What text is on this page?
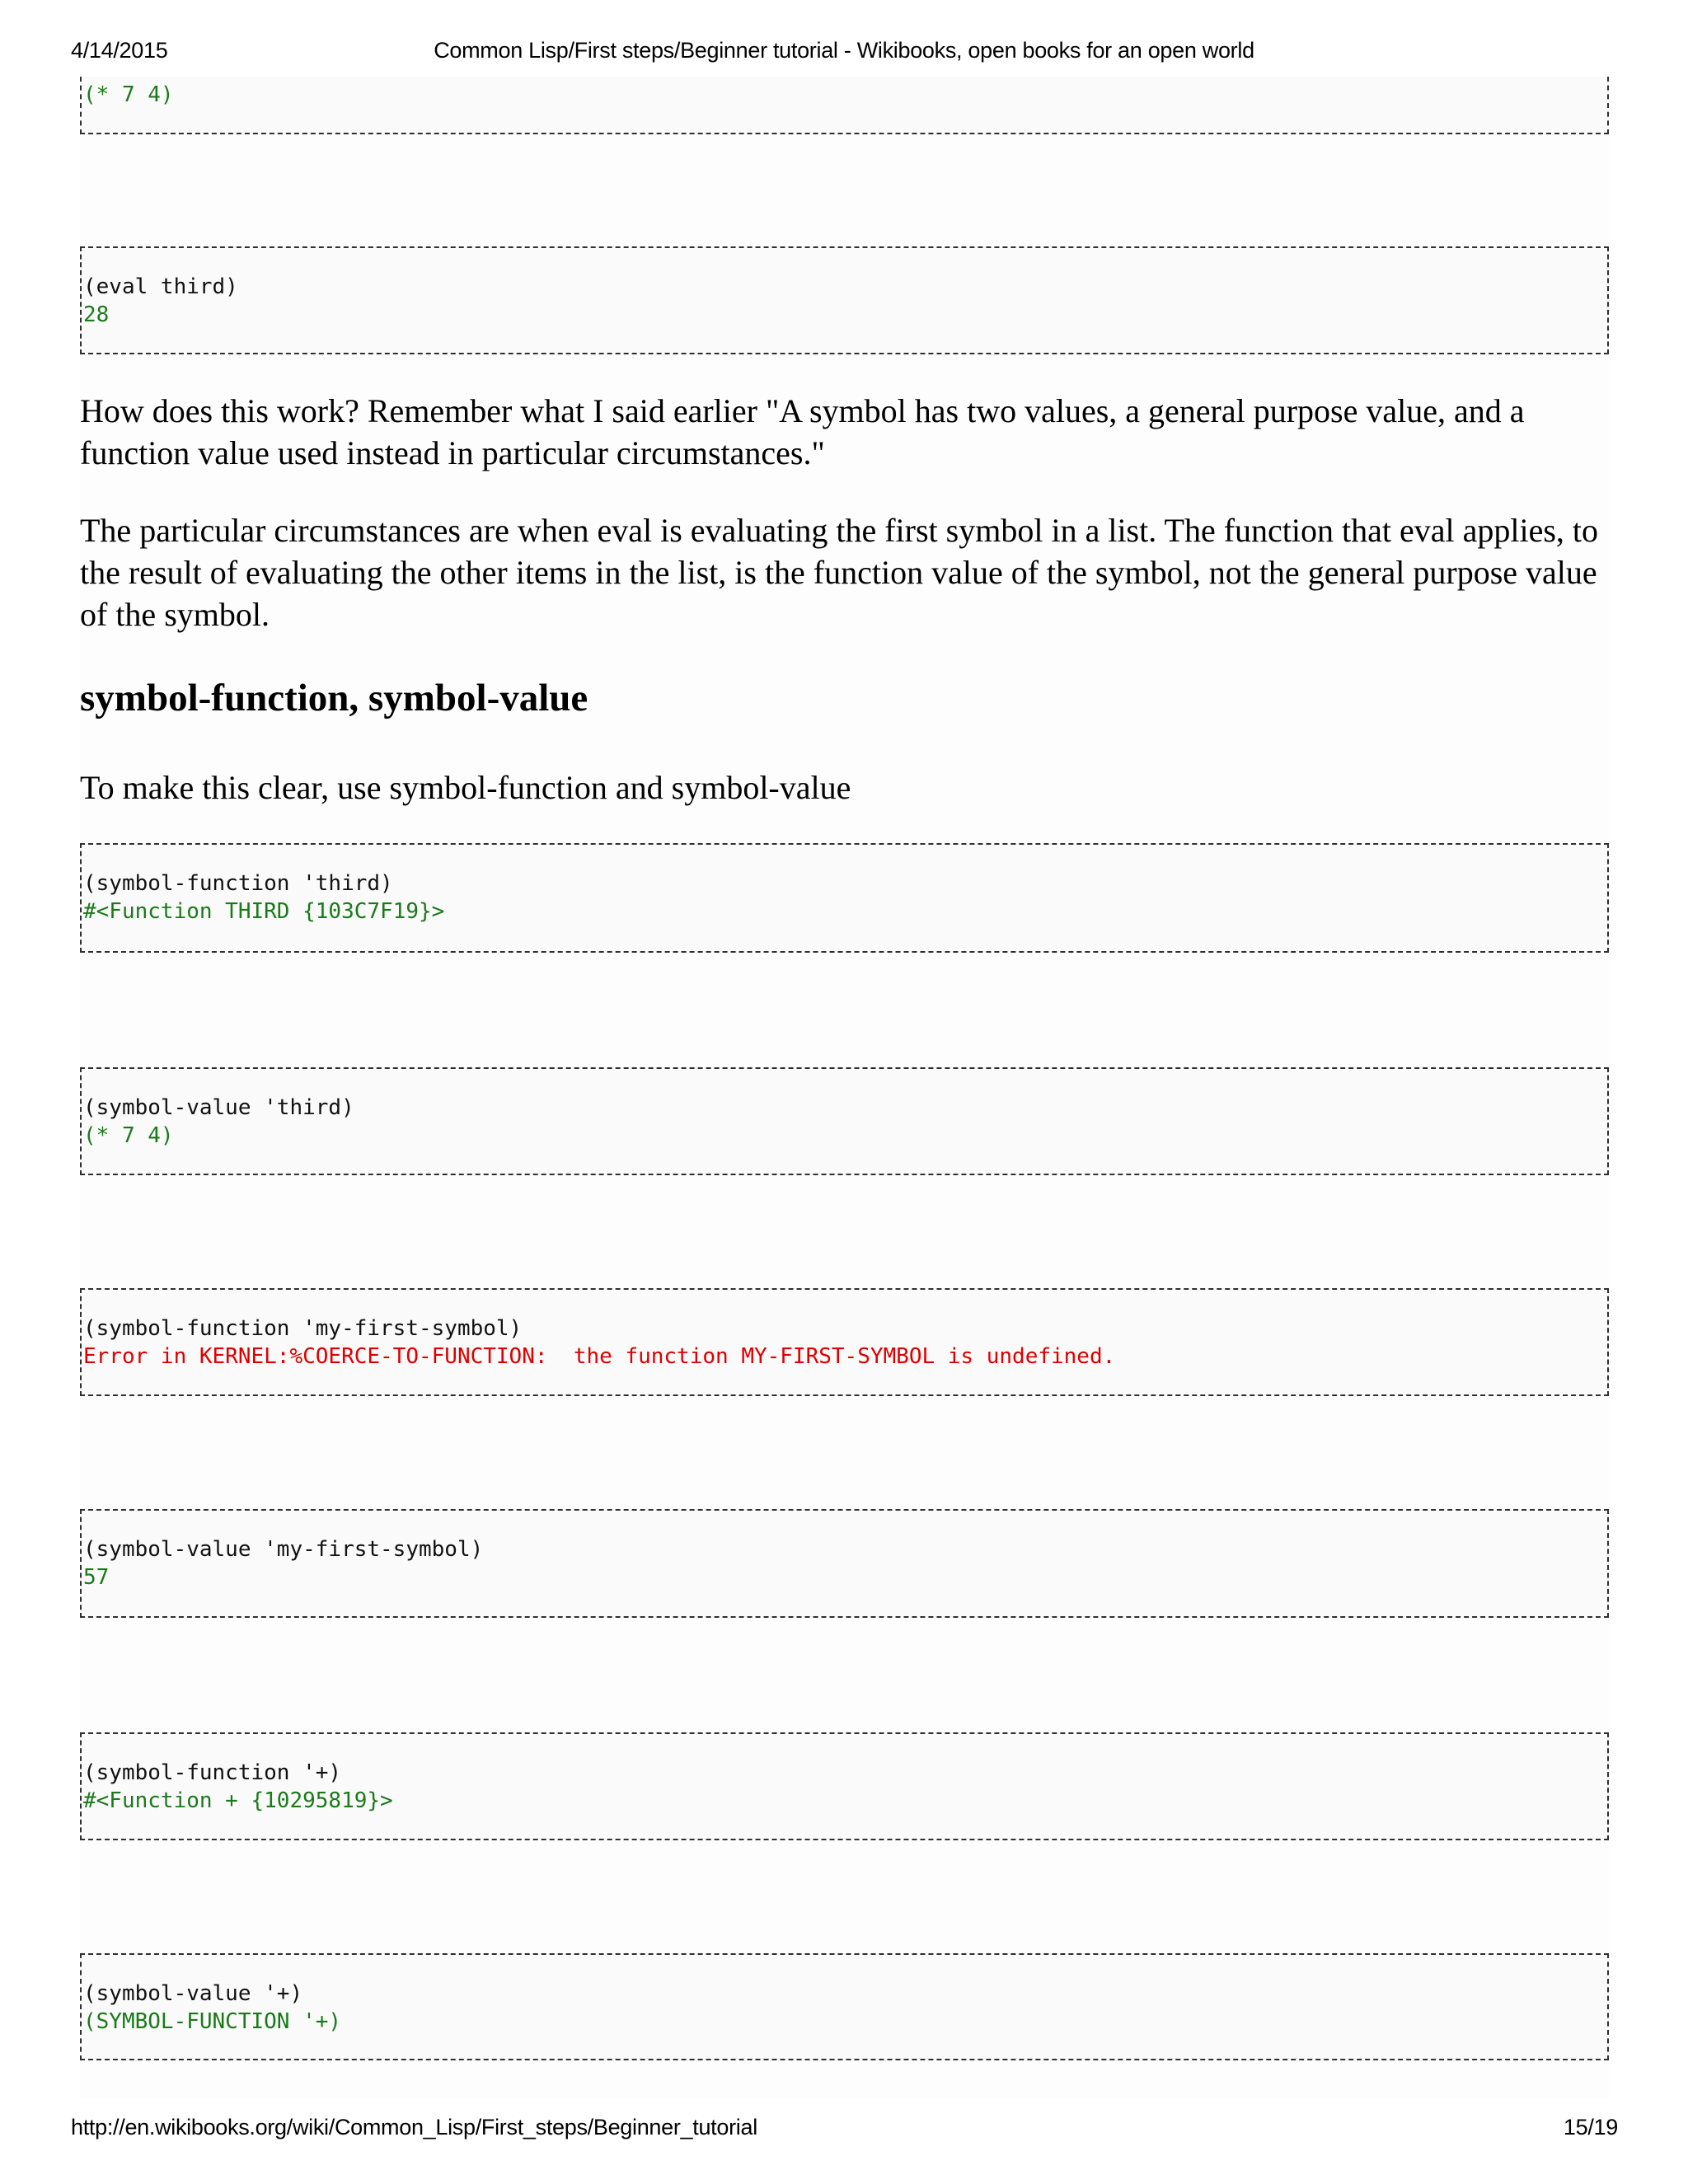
4/14/2015	Common Lisp/First steps/Beginner tutorial - Wikibooks, open books for an open world
(* 7 4)
(eval third)
28

How does this work? Remember what I said earlier "A symbol has two values, a general purpose value, and a function value used instead in particular circumstances."

The particular circumstances are when eval is evaluating the first symbol in a list. The function that eval applies, to the result of evaluating the other items in the list, is the function value of the symbol, not the general purpose value of the symbol.

symbol-function, symbol-value

To make this clear, use symbol-function and symbol-value

(symbol-function 'third)
#<Function THIRD {103C7F19}>
(symbol-value 'third)
(* 7 4)
(symbol-function 'my-first-symbol)
Error in KERNEL:%COERCE-TO-FUNCTION:  the function MY-FIRST-SYMBOL is undefined.
(symbol-value 'my-first-symbol)
57
(symbol-function '+)
#<Function + {10295819}>
(symbol-value '+)
(SYMBOL-FUNCTION '+)
http://en.wikibooks.org/wiki/Common_Lisp/First_steps/Beginner_tutorial	15/19
